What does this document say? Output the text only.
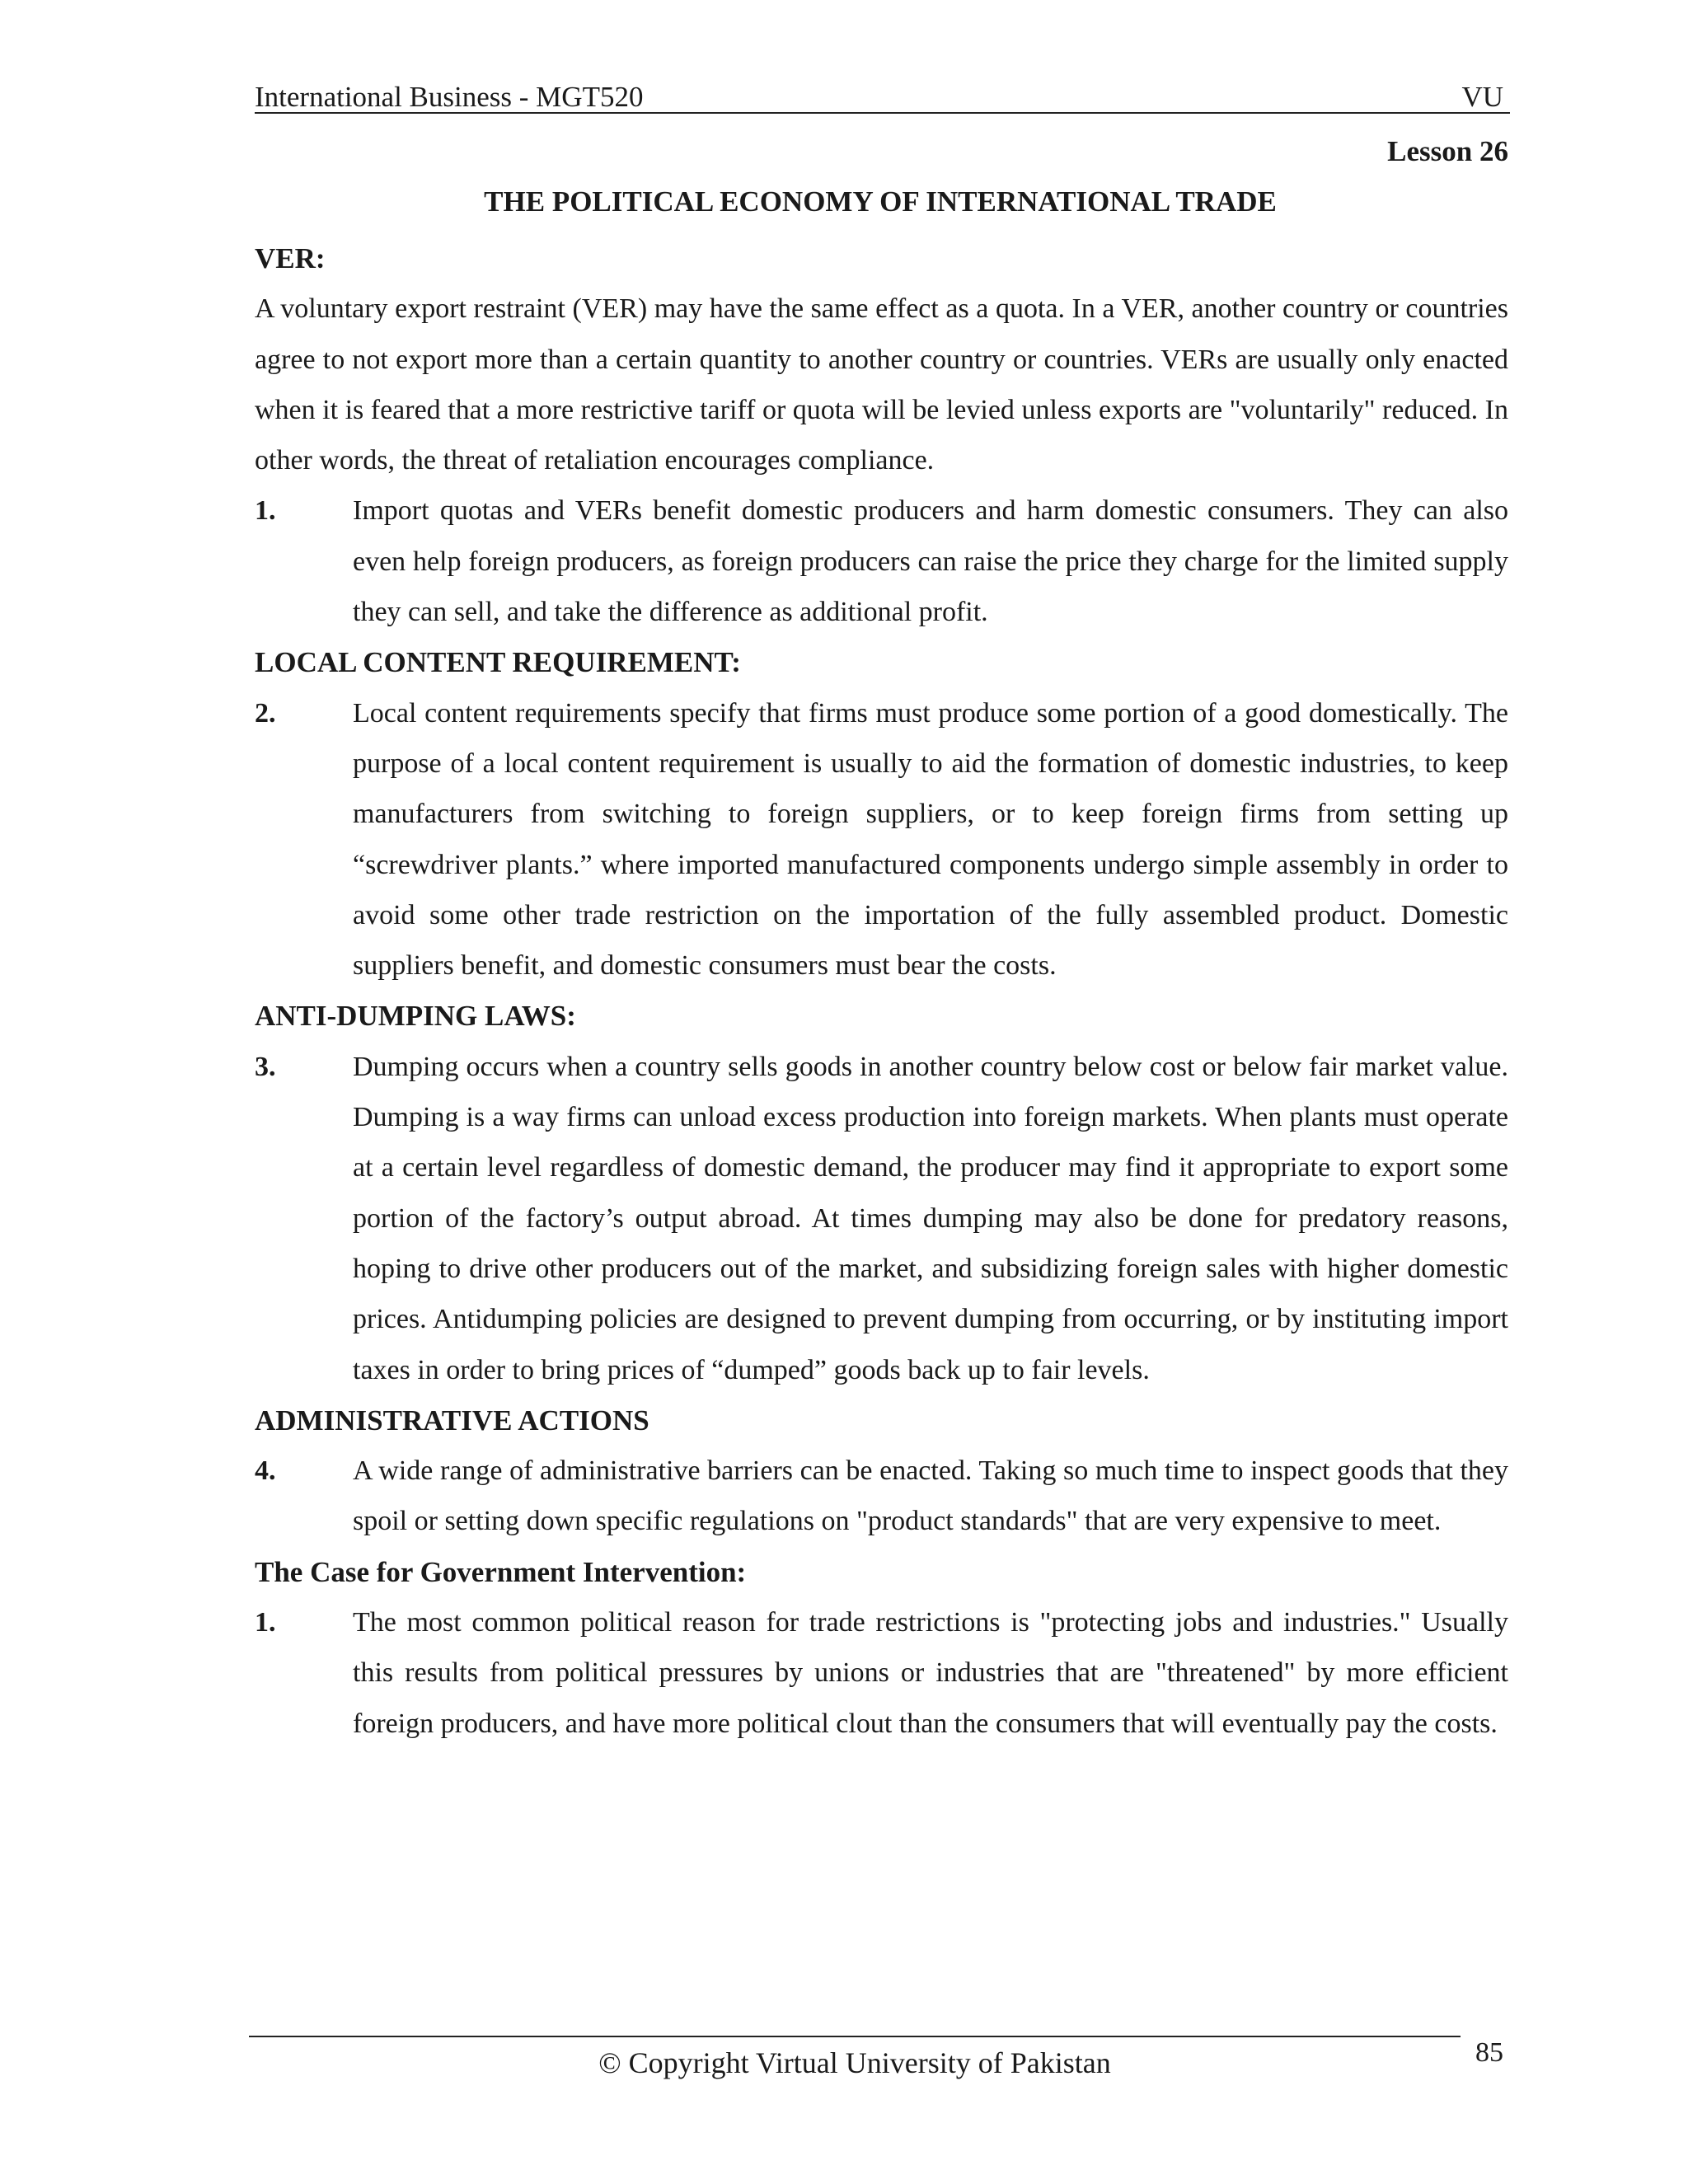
International Business - MGT520	VU
Lesson 26
THE POLITICAL ECONOMY OF INTERNATIONAL TRADE

VER:

A voluntary export restraint (VER) may have the same effect as a quota. In a VER, another country or countries agree to not export more than a certain quantity to another country or countries. VERs are usually only enacted when it is feared that a more restrictive tariff or quota will be levied unless exports are "voluntarily" reduced. In other words, the threat of retaliation encourages compliance.

1.	Import quotas and VERs benefit domestic producers and harm domestic consumers. They can also even help foreign producers, as foreign producers can raise the price they charge for the limited supply they can sell, and take the difference as additional profit.

LOCAL CONTENT REQUIREMENT:

2.	Local content requirements specify that firms must produce some portion of a good domestically. The purpose of a local content requirement is usually to aid the formation of domestic industries, to keep manufacturers from switching to foreign suppliers, or to keep foreign firms from setting up “screwdriver plants.” where imported manufactured components undergo simple assembly in order to avoid some other trade restriction on the importation of the fully assembled product. Domestic suppliers benefit, and domestic consumers must bear the costs.

ANTI-DUMPING LAWS:

3.	Dumping occurs when a country sells goods in another country below cost or below fair market value. Dumping is a way firms can unload excess production into foreign markets. When plants must operate at a certain level regardless of domestic demand, the producer may find it appropriate to export some portion of the factory’s output abroad. At times dumping may also be done for predatory reasons, hoping to drive other producers out of the market, and subsidizing foreign sales with higher domestic prices. Antidumping policies are designed to prevent dumping from occurring, or by instituting import taxes in order to bring prices of “dumped” goods back up to fair levels.

ADMINISTRATIVE ACTIONS

4.	A wide range of administrative barriers can be enacted. Taking so much time to inspect goods that they spoil or setting down specific regulations on "product standards" that are very expensive to meet.

The Case for Government Intervention:

1.	The most common political reason for trade restrictions is "protecting jobs and industries." Usually this results from political pressures by unions or industries that are "threatened" by more efficient foreign producers, and have more political clout than the consumers that will eventually pay the costs.
© Copyright Virtual University of Pakistan	85
